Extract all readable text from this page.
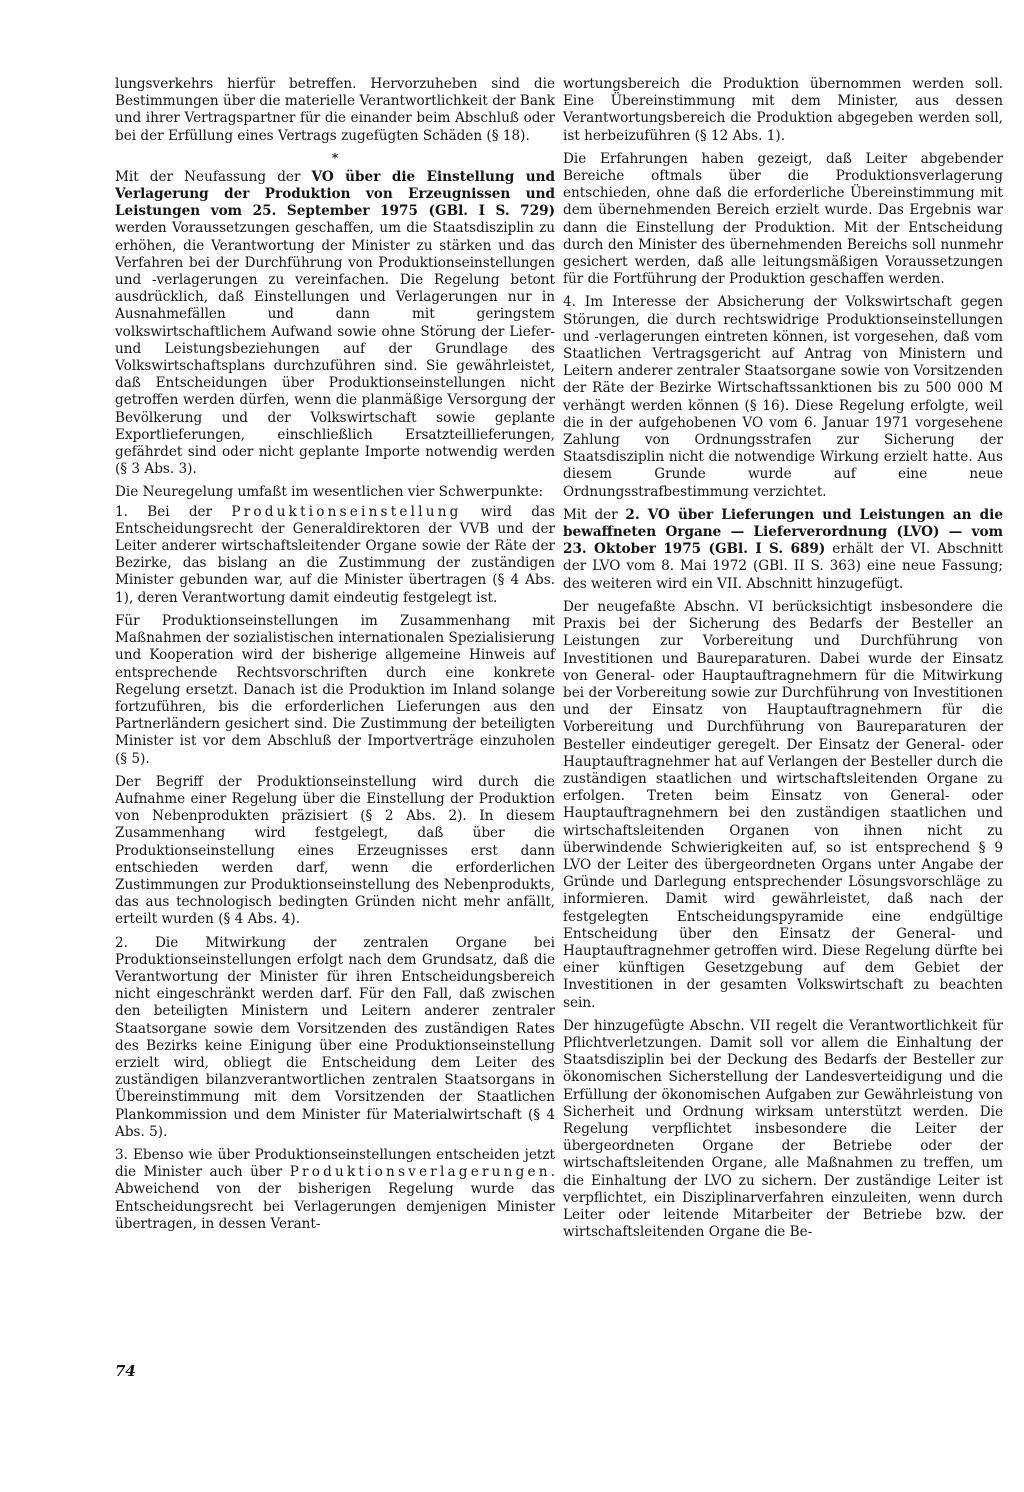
lungsverkehrs hierfür betreffen. Hervorzuheben sind die Bestimmungen über die materielle Verantwortlichkeit der Bank und ihrer Vertragspartner für die einander beim Abschluß oder bei der Erfüllung eines Vertrags zugefügten Schäden (§ 18).

*

Mit der Neufassung der VO über die Einstellung und Verlagerung der Produktion von Erzeugnissen und Leistungen vom 25. September 1975 (GBl. I S. 729) werden Voraussetzungen geschaffen, um die Staatsdisziplin zu erhöhen, die Verantwortung der Minister zu stärken und das Verfahren bei der Durchführung von Produktionseinstellungen und -verlagerungen zu vereinfachen. Die Regelung betont ausdrücklich, daß Einstellungen und Verlagerungen nur in Ausnahmefällen und dann mit geringstem volkswirtschaftlichem Aufwand sowie ohne Störung der Liefer- und Leistungsbeziehungen auf der Grundlage des Volkswirtschaftsplans durchzuführen sind. Sie gewährleistet, daß Entscheidungen über Produktionseinstellungen nicht getroffen werden dürfen, wenn die planmäßige Versorgung der Bevölkerung und der Volkswirtschaft sowie geplante Exportlieferungen, einschließlich Ersatzteillieferungen, gefährdet sind oder nicht geplante Importe notwendig werden (§ 3 Abs. 3).

Die Neuregelung umfaßt im wesentlichen vier Schwerpunkte:

1. Bei der Produktionseinstellung wird das Entscheidungsrecht der Generaldirektoren der VVB und der Leiter anderer wirtschaftsleitender Organe sowie der Räte der Bezirke, das bislang an die Zustimmung der zuständigen Minister gebunden war, auf die Minister übertragen (§ 4 Abs. 1), deren Verantwortung damit eindeutig festgelegt ist.

Für Produktionseinstellungen im Zusammenhang mit Maßnahmen der sozialistischen internationalen Spezialisierung und Kooperation wird der bisherige allgemeine Hinweis auf entsprechende Rechtsvorschriften durch eine konkrete Regelung ersetzt. Danach ist die Produktion im Inland solange fortzuführen, bis die erforderlichen Lieferungen aus den Partnerländern gesichert sind. Die Zustimmung der beteiligten Minister ist vor dem Abschluß der Importverträge einzuholen (§ 5).

Der Begriff der Produktionseinstellung wird durch die Aufnahme einer Regelung über die Einstellung der Produktion von Nebenprodukten präzisiert (§ 2 Abs. 2). In diesem Zusammenhang wird festgelegt, daß über die Produktionseinstellung eines Erzeugnisses erst dann entschieden werden darf, wenn die erforderlichen Zustimmungen zur Produktionseinstellung des Nebenprodukts, das aus technologisch bedingten Gründen nicht mehr anfällt, erteilt wurden (§ 4 Abs. 4).

2. Die Mitwirkung der zentralen Organe bei Produktionseinstellungen erfolgt nach dem Grundsatz, daß die Verantwortung der Minister für ihren Entscheidungsbereich nicht eingeschränkt werden darf. Für den Fall, daß zwischen den beteiligten Ministern und Leitern anderer zentraler Staatsorgane sowie dem Vorsitzenden des zuständigen Rates des Bezirks keine Einigung über eine Produktionseinstellung erzielt wird, obliegt die Entscheidung dem Leiter des zuständigen bilanzverantwortlichen zentralen Staatsorgans in Übereinstimmung mit dem Vorsitzenden der Staatlichen Plankommission und dem Minister für Materialwirtschaft (§ 4 Abs. 5).

3. Ebenso wie über Produktionseinstellungen entscheiden jetzt die Minister auch über Produktionsverlagerungen. Abweichend von der bisherigen Regelung wurde das Entscheidungsrecht bei Verlagerungen demjenigen Minister übertragen, in dessen Verant-

wortungsbereich die Produktion übernommen werden soll. Eine Übereinstimmung mit dem Minister, aus dessen Verantwortungsbereich die Produktion abgegeben werden soll, ist herbeizuführen (§ 12 Abs. 1).

Die Erfahrungen haben gezeigt, daß Leiter abgebender Bereiche oftmals über die Produktionsverlagerung entschieden, ohne daß die erforderliche Übereinstimmung mit dem übernehmenden Bereich erzielt wurde. Das Ergebnis war dann die Einstellung der Produktion. Mit der Entscheidung durch den Minister des übernehmenden Bereichs soll nunmehr gesichert werden, daß alle leitungsmäßigen Voraussetzungen für die Fortführung der Produktion geschaffen werden.

4. Im Interesse der Absicherung der Volkswirtschaft gegen Störungen, die durch rechtswidrige Produktionseinstellungen und -verlagerungen eintreten können, ist vorgesehen, daß vom Staatlichen Vertragsgericht auf Antrag von Ministern und Leitern anderer zentraler Staatsorgane sowie von Vorsitzenden der Räte der Bezirke Wirtschaftssanktionen bis zu 500 000 M verhängt werden können (§ 16). Diese Regelung erfolgte, weil die in der aufgehobenen VO vom 6. Januar 1971 vorgesehene Zahlung von Ordnungsstrafen zur Sicherung der Staatsdisziplin nicht die notwendige Wirkung erzielt hatte. Aus diesem Grunde wurde auf eine neue Ordnungsstrafbestimmung verzichtet.

Mit der 2. VO über Lieferungen und Leistungen an die bewaffneten Organe — Lieferverordnung (LVO) — vom 23. Oktober 1975 (GBl. I S. 689) erhält der VI. Abschnitt der LVO vom 8. Mai 1972 (GBl. II S. 363) eine neue Fassung; des weiteren wird ein VII. Abschnitt hinzugefügt.

Der neugefaßte Abschn. VI berücksichtigt insbesondere die Praxis bei der Sicherung des Bedarfs der Besteller an Leistungen zur Vorbereitung und Durchführung von Investitionen und Baureparaturen. Dabei wurde der Einsatz von General- oder Hauptauftragnehmern für die Mitwirkung bei der Vorbereitung sowie zur Durchführung von Investitionen und der Einsatz von Hauptauftragnehmern für die Vorbereitung und Durchführung von Baureparaturen der Besteller eindeutiger geregelt. Der Einsatz der General- oder Hauptauftragnehmer hat auf Verlangen der Besteller durch die zuständigen staatlichen und wirtschaftsleitenden Organe zu erfolgen. Treten beim Einsatz von General- oder Hauptauftragnehmern bei den zuständigen staatlichen und wirtschaftsleitenden Organen von ihnen nicht zu überwindende Schwierigkeiten auf, so ist entsprechend § 9 LVO der Leiter des übergeordneten Organs unter Angabe der Gründe und Darlegung entsprechender Lösungsvorschläge zu informieren. Damit wird gewährleistet, daß nach der festgelegten Entscheidungspyramide eine endgültige Entscheidung über den Einsatz der General- und Hauptauftragnehmer getroffen wird. Diese Regelung dürfte bei einer künftigen Gesetzgebung auf dem Gebiet der Investitionen in der gesamten Volkswirtschaft zu beachten sein.

Der hinzugefügte Abschn. VII regelt die Verantwortlichkeit für Pflichtverletzungen. Damit soll vor allem die Einhaltung der Staatsdisziplin bei der Deckung des Bedarfs der Besteller zur ökonomischen Sicherstellung der Landesverteidigung und die Erfüllung der ökonomischen Aufgaben zur Gewährleistung von Sicherheit und Ordnung wirksam unterstützt werden. Die Regelung verpflichtet insbesondere die Leiter der übergeordneten Organe der Betriebe oder der wirtschaftsleitenden Organe, alle Maßnahmen zu treffen, um die Einhaltung der LVO zu sichern. Der zuständige Leiter ist verpflichtet, ein Disziplinarverfahren einzuleiten, wenn durch Leiter oder leitende Mitarbeiter der Betriebe bzw. der wirtschaftsleitenden Organe die Be-

74
